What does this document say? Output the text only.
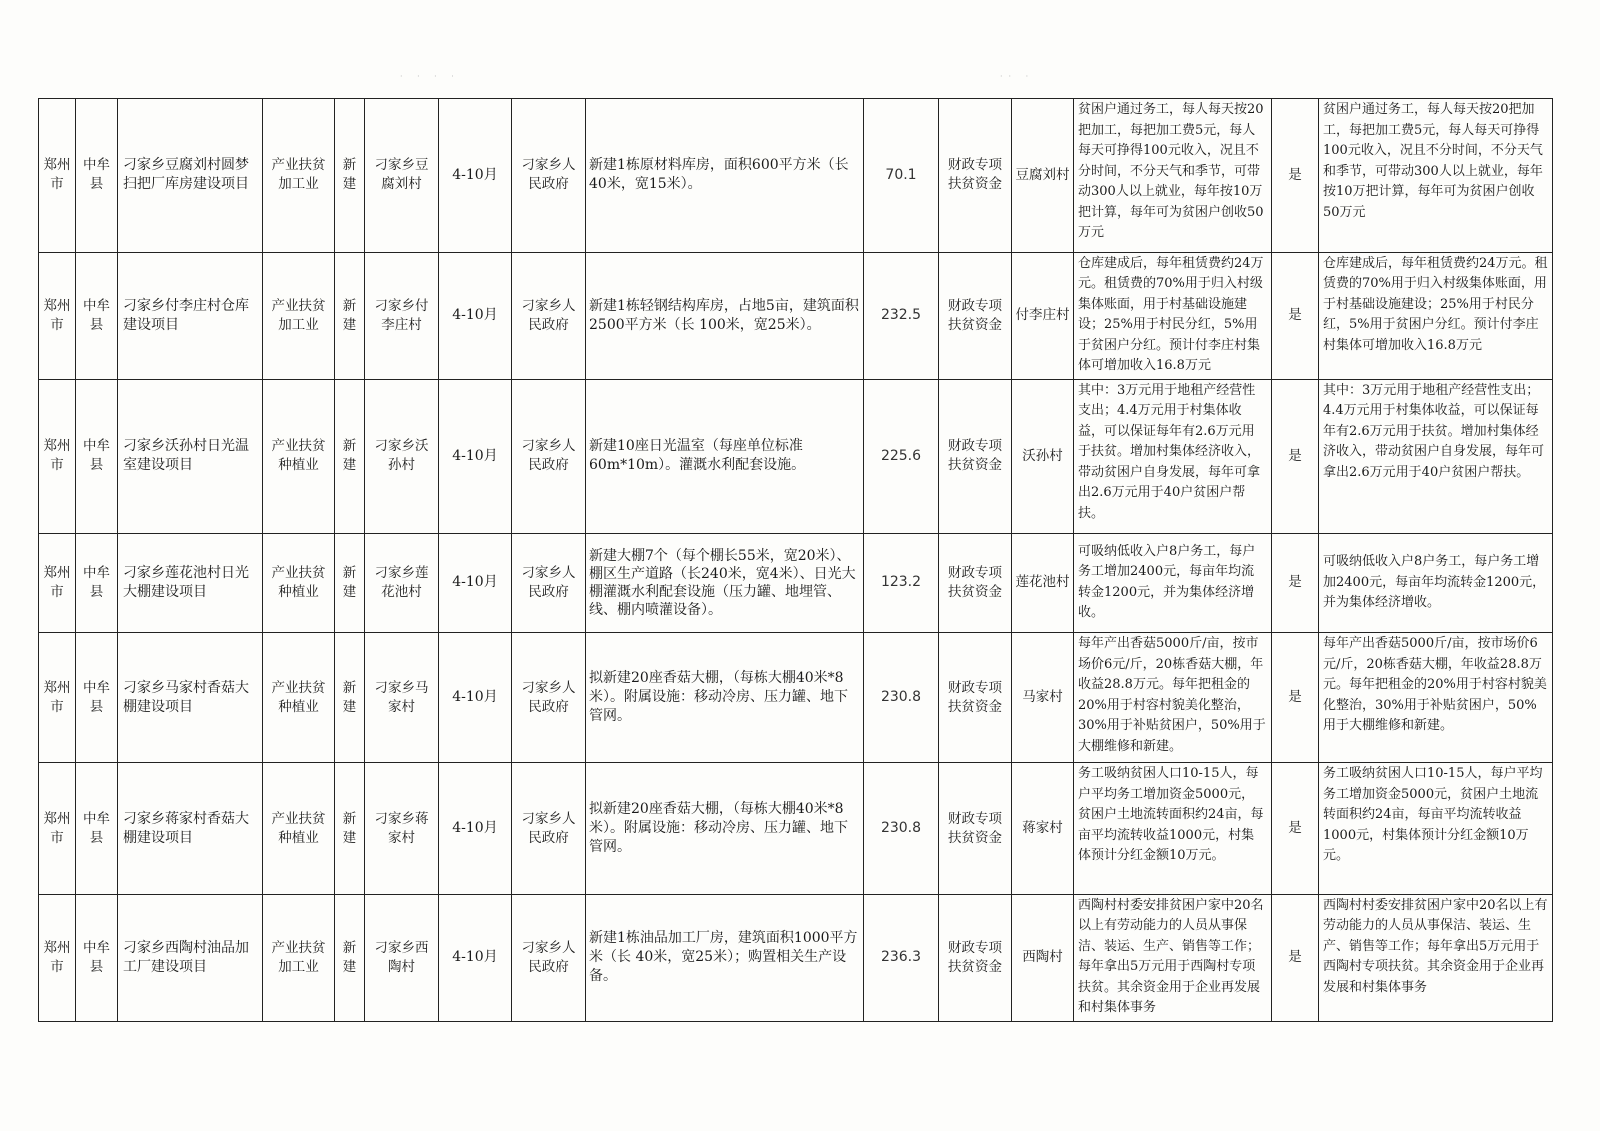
· · · ·	·· ·
郑州市	中牟县	刁家乡豆腐刘村圆梦扫把厂库房建设项目	产业扶贫加工业	新建	刁家乡豆腐刘村	4-10月	刁家乡人民政府	新建1栋原材料库房，面积600平方米（长 40米，宽15米）。	70.1	财政专项扶贫资金	豆腐刘村	贫困户通过务工，每人每天按20把加工，每把加工费5元，每人每天可挣得100元收入，况且不分时间，不分天气和季节，可带动300人以上就业，每年按10万把计算，每年可为贫困户创收50万元	是	贫困户通过务工，每人每天按20把加工，每把加工费5元，每人每天可挣得100元收入，况且不分时间，不分天气和季节，可带动300人以上就业，每年按10万把计算，每年可为贫困户创收50万元

郑州市	中牟县	刁家乡付李庄村仓库建设项目	产业扶贫加工业	新建	刁家乡付李庄村	4-10月	刁家乡人民政府	新建1栋轻钢结构库房，占地5亩，建筑面积2500平方米（长 100米，宽25米）。	232.5	财政专项扶贫资金	付李庄村	仓库建成后，每年租赁费约24万元。租赁费的70%用于归入村级集体账面，用于村基础设施建设；25%用于村民分红，5%用于贫困户分红。预计付李庄村集体可增加收入16.8万元	是	仓库建成后，每年租赁费约24万元。租赁费的70%用于归入村级集体账面，用于村基础设施建设；25%用于村民分红，5%用于贫困户分红。预计付李庄村集体可增加收入16.8万元

郑州市	中牟县	刁家乡沃孙村日光温室建设项目	产业扶贫种植业	新建	刁家乡沃孙村	4-10月	刁家乡人民政府	新建10座日光温室（每座单位标准60m*10m）。灌溉水利配套设施。	225.6	财政专项扶贫资金	沃孙村	其中：3万元用于地租产经营性支出；4.4万元用于村集体收益，可以保证每年有2.6万元用于扶贫。增加村集体经济收入，带动贫困户自身发展，每年可拿出2.6万元用于40户贫困户帮扶。	是	其中：3万元用于地租产经营性支出；4.4万元用于村集体收益，可以保证每年有2.6万元用于扶贫。增加村集体经济收入，带动贫困户自身发展，每年可拿出2.6万元用于40户贫困户帮扶。

郑州市	中牟县	刁家乡莲花池村日光大棚建设项目	产业扶贫种植业	新建	刁家乡莲花池村	4-10月	刁家乡人民政府	新建大棚7个（每个棚长55米，宽20米）、棚区生产道路（长240米，宽4米）、日光大棚灌溉水利配套设施（压力罐、地埋管、线、棚内喷灌设备）。	123.2	财政专项扶贫资金	莲花池村	可吸纳低收入户8户务工，每户务工增加2400元，每亩年均流转金1200元，并为集体经济增收。	是	可吸纳低收入户8户务工，每户务工增加2400元，每亩年均流转金1200元，并为集体经济增收。

郑州市	中牟县	刁家乡马家村香菇大棚建设项目	产业扶贫种植业	新建	刁家乡马家村	4-10月	刁家乡人民政府	拟新建20座香菇大棚，（每栋大棚40米*8米）。附属设施：移动冷房、压力罐、地下管网。	230.8	财政专项扶贫资金	马家村	每年产出香菇5000斤/亩，按市场价6元/斤，20栋香菇大棚，年收益28.8万元。每年把租金的20%用于村容村貌美化整治，30%用于补贴贫困户，50%用于大棚维修和新建。	是	每年产出香菇5000斤/亩，按市场价6元/斤，20栋香菇大棚，年收益28.8万元。每年把租金的20%用于村容村貌美化整治，30%用于补贴贫困户，50%用于大棚维修和新建。

郑州市	中牟县	刁家乡蒋家村香菇大棚建设项目	产业扶贫种植业	新建	刁家乡蒋家村	4-10月	刁家乡人民政府	拟新建20座香菇大棚，（每栋大棚40米*8米）。附属设施：移动冷房、压力罐、地下管网。	230.8	财政专项扶贫资金	蒋家村	务工吸纳贫困人口10-15人，每户平均务工增加资金5000元，贫困户土地流转面积约24亩，每亩平均流转收益1000元，村集体预计分红金额10万元。	是	务工吸纳贫困人口10-15人，每户平均务工增加资金5000元，贫困户土地流转面积约24亩，每亩平均流转收益1000元，村集体预计分红金额10万元。

郑州市	中牟县	刁家乡西陶村油品加工厂建设项目	产业扶贫加工业	新建	刁家乡西陶村	4-10月	刁家乡人民政府	新建1栋油品加工厂房，建筑面积1000平方米（长 40米，宽25米）；购置相关生产设备。	236.3	财政专项扶贫资金	西陶村	西陶村村委安排贫困户家中20名以上有劳动能力的人员从事保洁、装运、生产、销售等工作；每年拿出5万元用于西陶村专项扶贫。其余资金用于企业再发展和村集体事务	是	西陶村村委安排贫困户家中20名以上有劳动能力的人员从事保洁、装运、生产、销售等工作；每年拿出5万元用于西陶村专项扶贫。其余资金用于企业再发展和村集体事务
